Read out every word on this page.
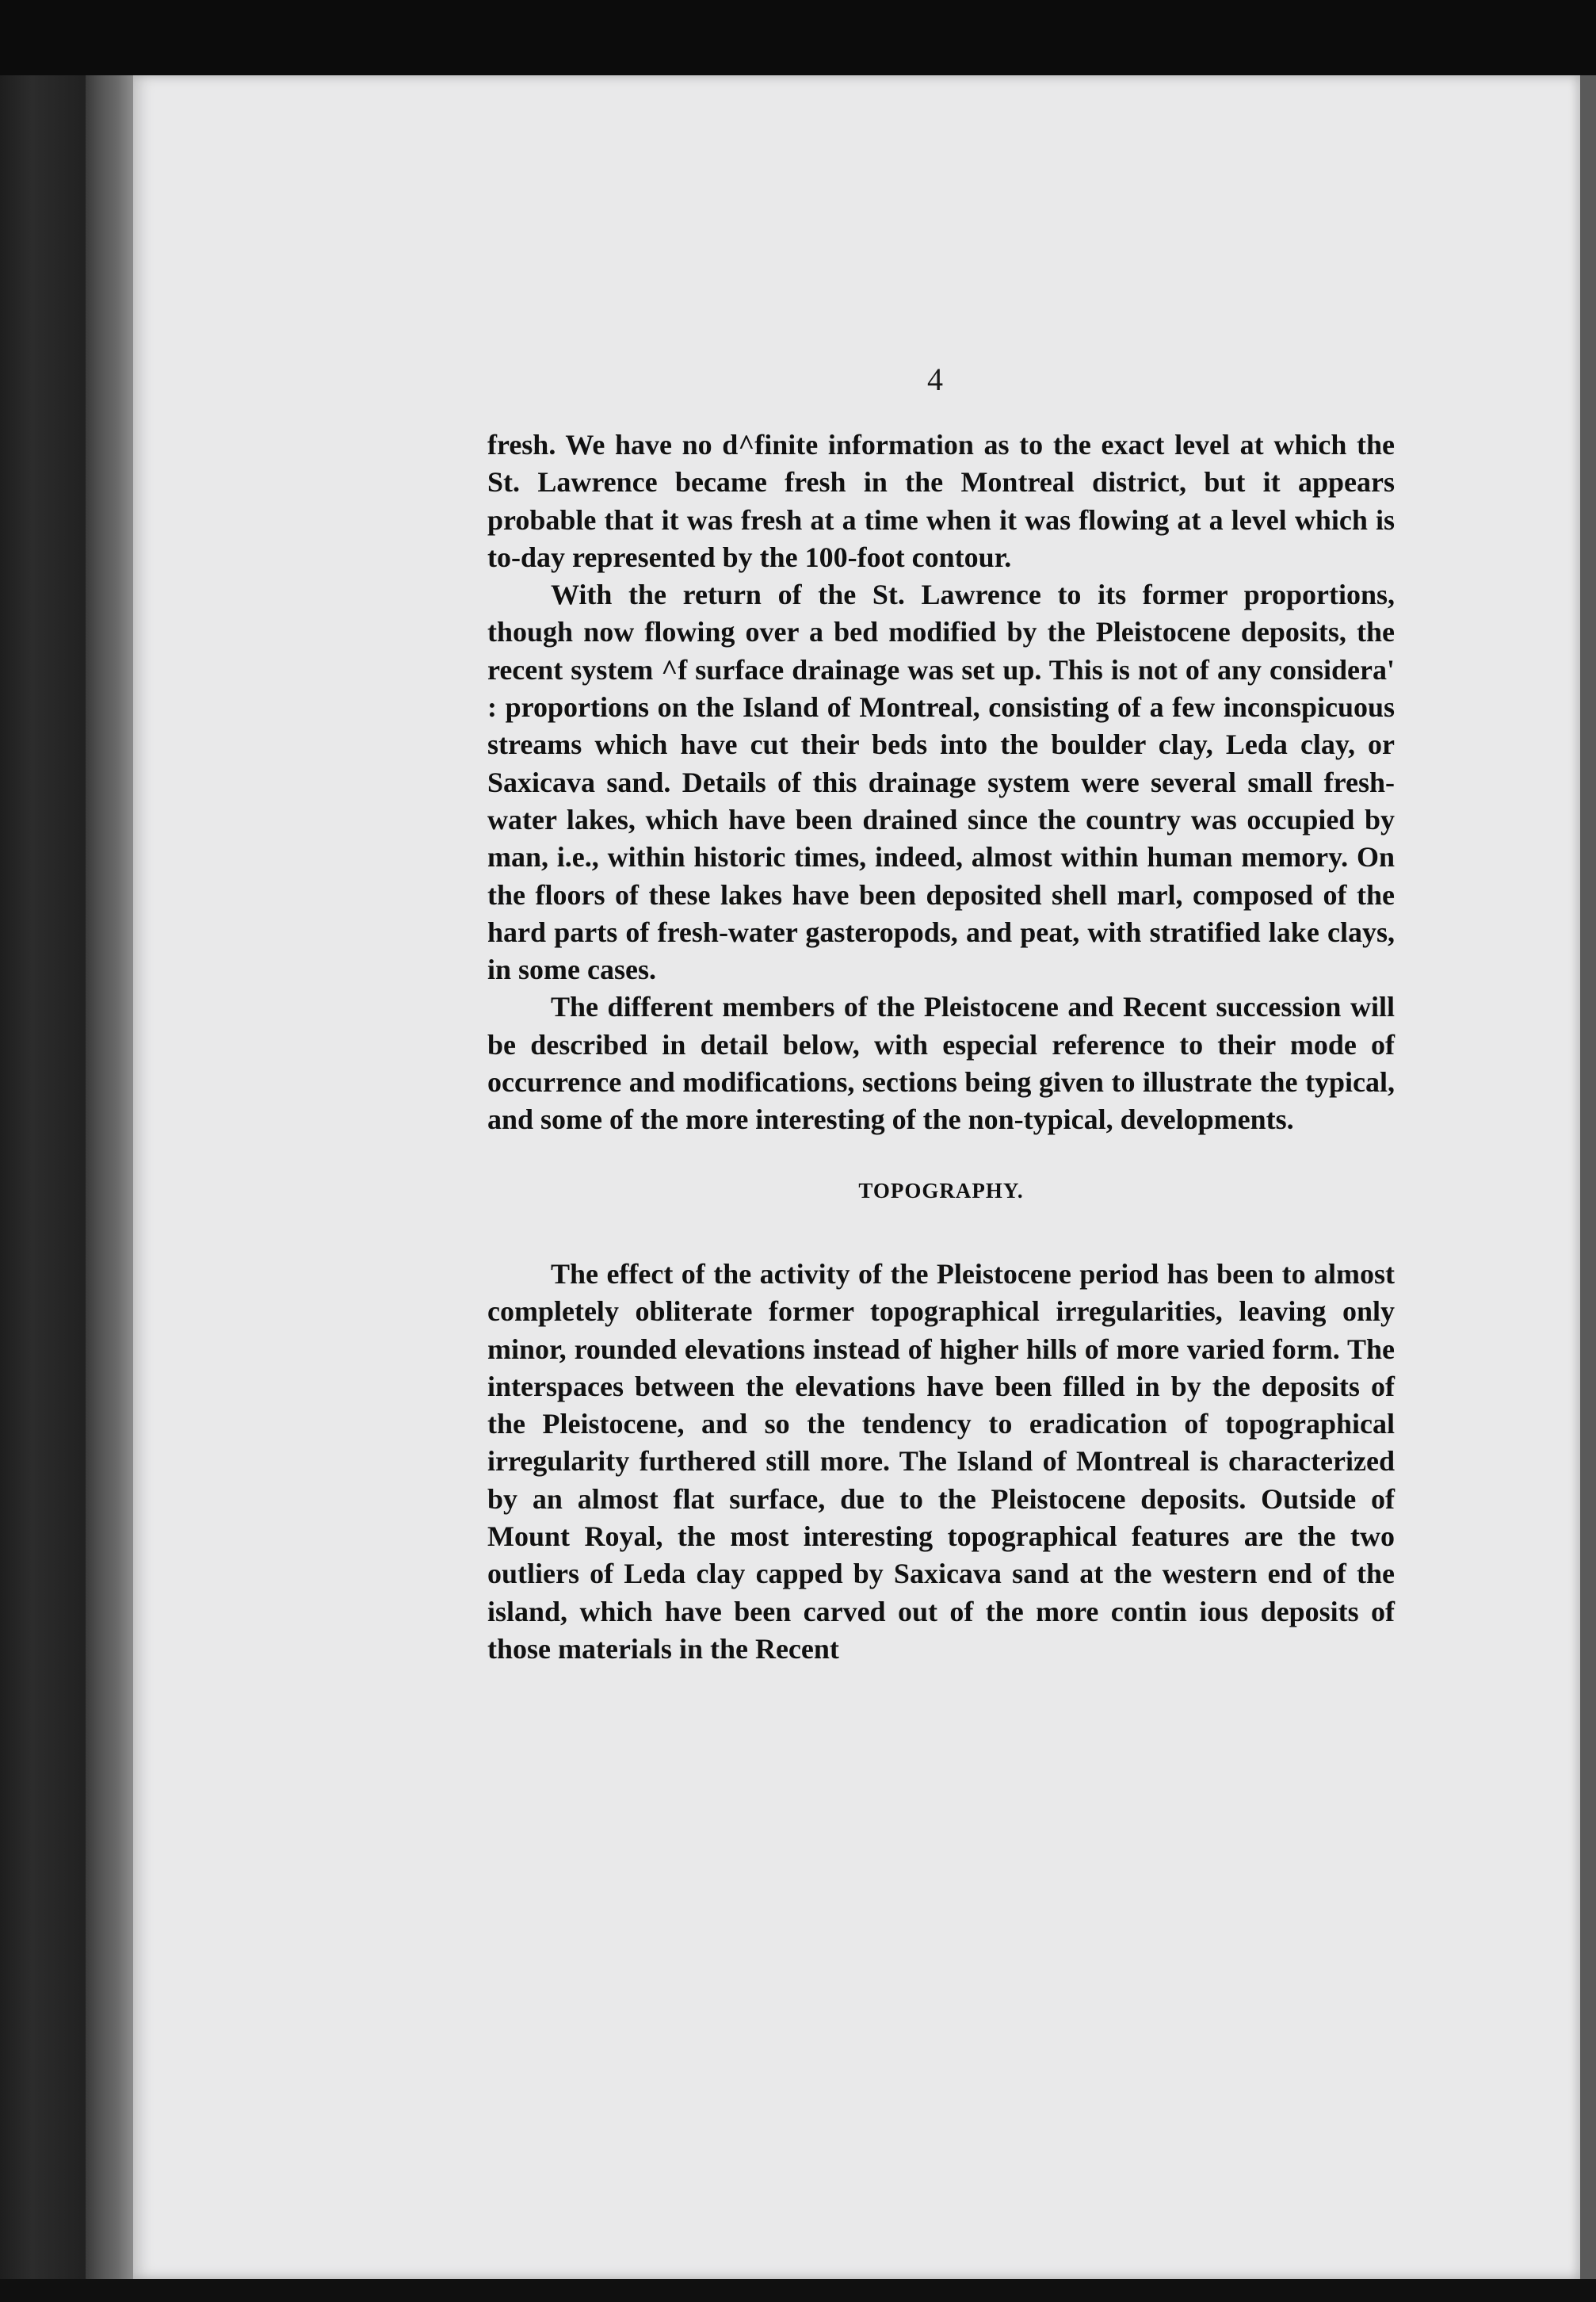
4

fresh. We have no d^finite information as to the exact level at which the St. Lawrence became fresh in the Montreal district, but it appears probable that it was fresh at a time when it was flowing at a level which is to-day represented by the 100-foot contour.

With the return of the St. Lawrence to its former proportions, though now flowing over a bed modified by the Pleistocene deposits, the recent system ^f surface drainage was set up. This is not of any considera' : proportions on the Island of Montreal, consisting of a few inconspicuous streams which have cut their beds into the boulder clay, Leda clay, or Saxicava sand. Details of this drainage system were several small fresh-water lakes, which have been drained since the country was occupied by man, i.e., within historic times, indeed, almost within human memory. On the floors of these lakes have been deposited shell marl, composed of the hard parts of fresh-water gasteropods, and peat, with stratified lake clays, in some cases.

The different members of the Pleistocene and Recent succession will be described in detail below, with especial reference to their mode of occurrence and modifications, sections being given to illustrate the typical, and some of the more interesting of the non-typical, developments.

TOPOGRAPHY.

The effect of the activity of the Pleistocene period has been to almost completely obliterate former topographical irregularities, leaving only minor, rounded elevations instead of higher hills of more varied form. The interspaces between the elevations have been filled in by the deposits of the Pleistocene, and so the tendency to eradication of topographical irregularity furthered still more. The Island of Montreal is characterized by an almost flat surface, due to the Pleistocene deposits. Outside of Mount Royal, the most interesting topographical features are the two outliers of Leda clay capped by Saxicava sand at the western end of the island, which have been carved out of the more contin ious deposits of those materials in the Recent
